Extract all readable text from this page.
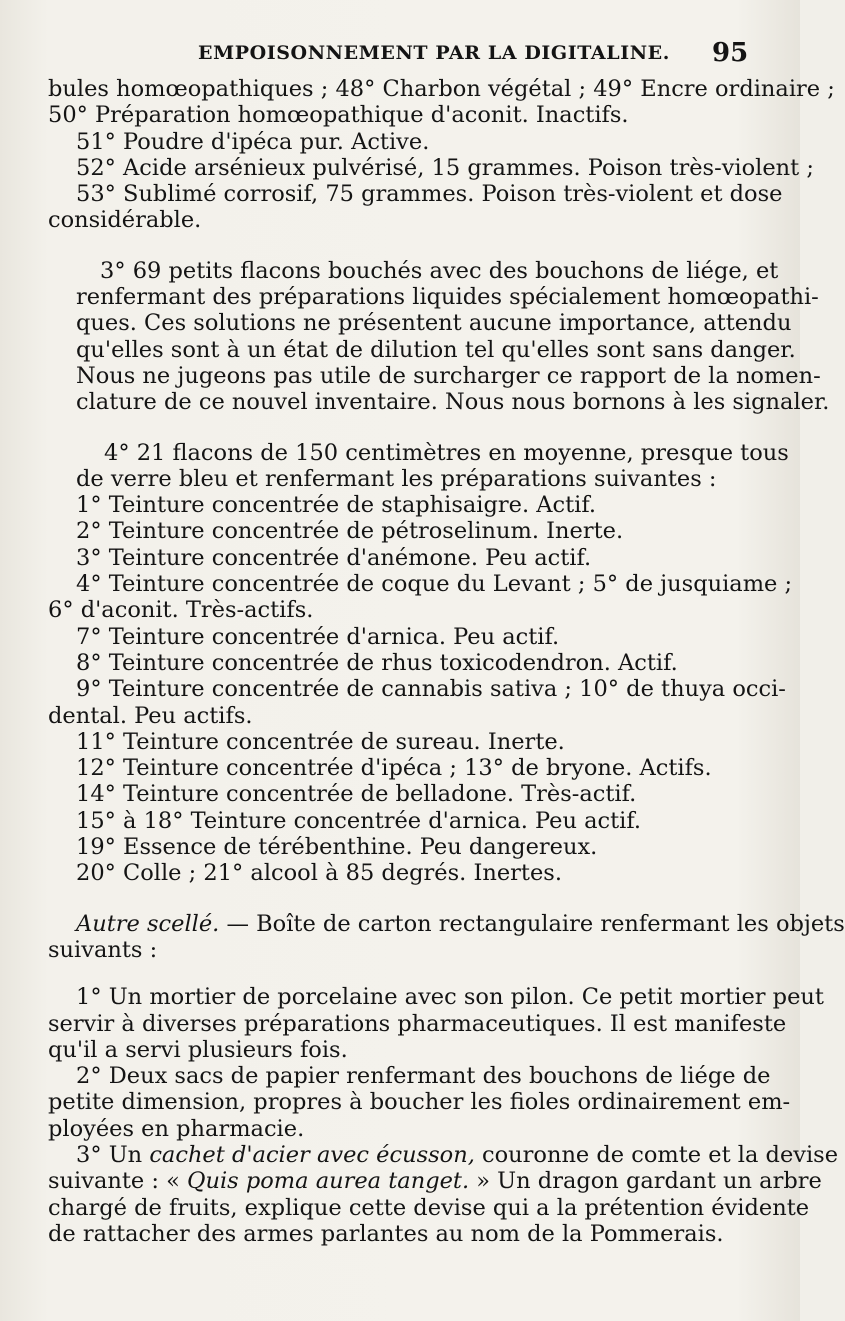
EMPOISONNEMENT PAR LA DIGITALINE. 95
bules homœopathiques ; 48° Charbon végétal ; 49° Encre ordinaire ;
50° Préparation homœopathique d'aconit. Inactifs.
51° Poudre d'ipéca pur. Active.
52° Acide arsénieux pulvérisé, 15 grammes. Poison très-violent ;
53° Sublimé corrosif, 75 grammes. Poison très-violent et dose
considérable.
3° 69 petits flacons bouchés avec des bouchons de liége, et
renfermant des préparations liquides spécialement homœopathi-
ques. Ces solutions ne présentent aucune importance, attendu
qu'elles sont à un état de dilution tel qu'elles sont sans danger.
Nous ne jugeons pas utile de surcharger ce rapport de la nomen-
clature de ce nouvel inventaire. Nous nous bornons à les signaler.
4° 21 flacons de 150 centimètres en moyenne, presque tous
de verre bleu et renfermant les préparations suivantes :
1° Teinture concentrée de staphisaigre. Actif.
2° Teinture concentrée de pétroselinum. Inerte.
3° Teinture concentrée d'anémone. Peu actif.
4° Teinture concentrée de coque du Levant ; 5° de jusquiame ;
6° d'aconit. Très-actifs.
7° Teinture concentrée d'arnica. Peu actif.
8° Teinture concentrée de rhus toxicodendron. Actif.
9° Teinture concentrée de cannabis sativa ; 10° de thuya occi-
dental. Peu actifs.
11° Teinture concentrée de sureau. Inerte.
12° Teinture concentrée d'ipéca ; 13° de bryone. Actifs.
14° Teinture concentrée de belladone. Très-actif.
15° à 18° Teinture concentrée d'arnica. Peu actif.
19° Essence de térébenthine. Peu dangereux.
20° Colle ; 21° alcool à 85 degrés. Inertes.
Autre scellé. — Boîte de carton rectangulaire renfermant les objets
suivants :
1° Un mortier de porcelaine avec son pilon. Ce petit mortier peut
servir à diverses préparations pharmaceutiques. Il est manifeste
qu'il a servi plusieurs fois.
2° Deux sacs de papier renfermant des bouchons de liége de
petite dimension, propres à boucher les fioles ordinairement em-
ployées en pharmacie.
3° Un cachet d'acier avec écusson, couronne de comte et la devise
suivante : « Quis poma aurea tanget. » Un dragon gardant un arbre
chargé de fruits, explique cette devise qui a la prétention évidente
de rattacher des armes parlantes au nom de la Pommerais.
